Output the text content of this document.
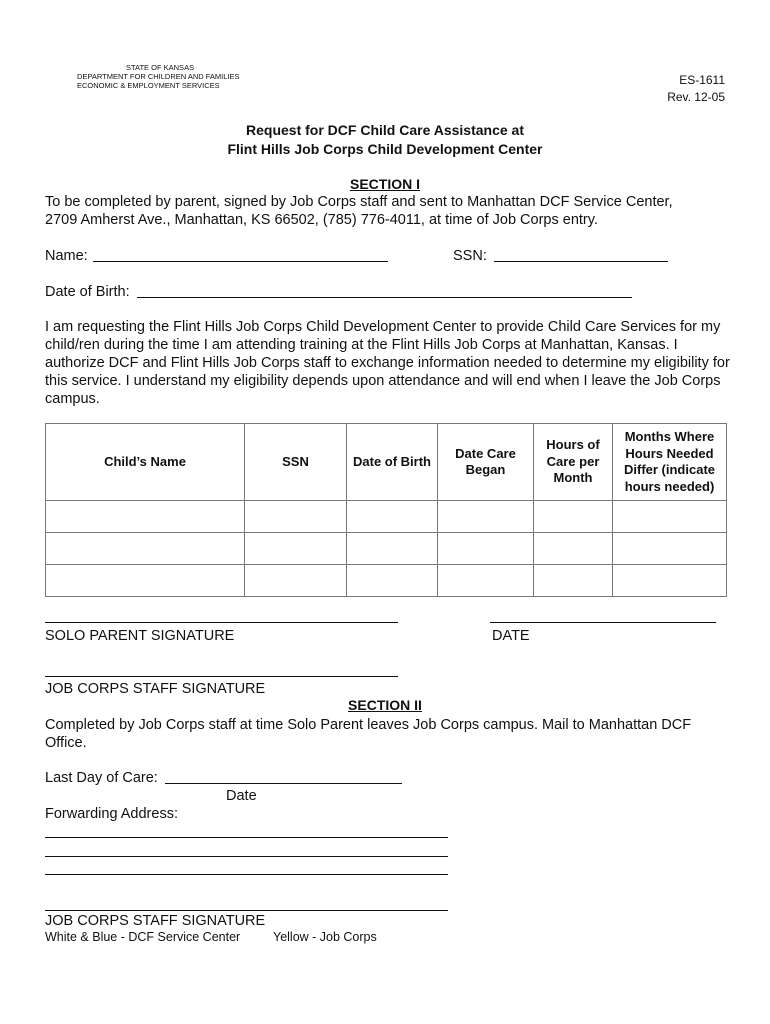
STATE OF KANSAS
DEPARTMENT FOR CHILDREN AND FAMILIES
ECONOMIC & EMPLOYMENT SERVICES	ES-1611
Rev. 12-05
Request for DCF Child Care Assistance at
Flint Hills Job Corps Child Development Center
SECTION I
To be completed by parent, signed by Job Corps staff and sent to Manhattan DCF Service Center,
2709 Amherst Ave., Manhattan, KS 66502, (785) 776-4011, at time of Job Corps entry.
Name:	SSN:
Date of Birth:
I am requesting the Flint Hills Job Corps Child Development Center to provide Child Care Services for my child/ren during the time I am attending training at the Flint Hills Job Corps at Manhattan, Kansas. I authorize DCF and Flint Hills Job Corps staff to exchange information needed to determine my eligibility for this service. I understand my eligibility depends upon attendance and will end when I leave the Job Corps campus.
Child’s Name	SSN	Date of Birth	Date Care Began	Hours of Care per Month	Months Where Hours Needed Differ (indicate hours needed)

SOLO PARENT SIGNATURE	DATE
JOB CORPS STAFF SIGNATURE
SECTION II
Completed by Job Corps staff at time Solo Parent leaves Job Corps campus. Mail to Manhattan DCF Office.
Last Day of Care:
Date
Forwarding Address:
JOB CORPS STAFF SIGNATURE
White & Blue - DCF Service Center	Yellow - Job Corps
